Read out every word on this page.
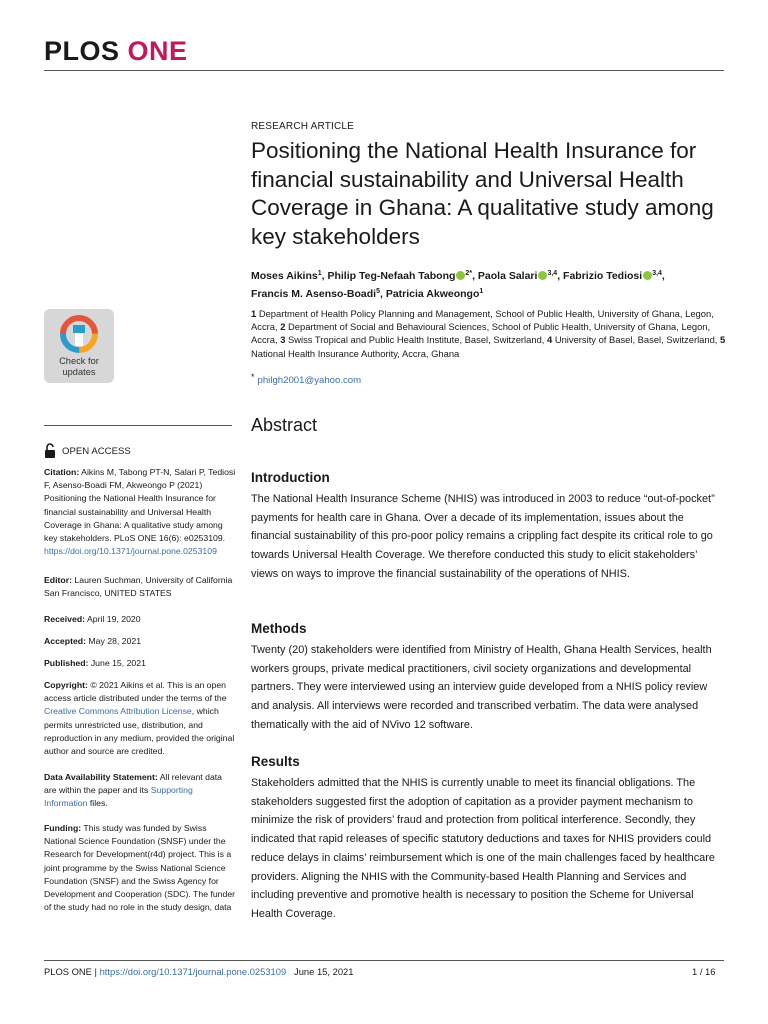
PLOS ONE
Check for
updates
RESEARCH ARTICLE
Positioning the National Health Insurance for financial sustainability and Universal Health Coverage in Ghana: A qualitative study among key stakeholders
Moses Aikins$^1$, Philip Teg-Nefaah Tabong $^{2*}$, Paola Salari $^{3,4}$, Fabrizio Tediosi $^{3,4}$,
Francis M. Asenso-Boadi$^5$, Patricia Akweongo$^1$
1 Department of Health Policy Planning and Management, School of Public Health, University of Ghana, Legon, Accra, 2 Department of Social and Behavioural Sciences, School of Public Health, University of Ghana, Legon, Accra, 3 Swiss Tropical and Public Health Institute, Basel, Switzerland, 4 University of Basel, Basel, Switzerland, 5 National Health Insurance Authority, Accra, Ghana
* philgh2001@yahoo.com
OPEN ACCESS
Citation: Aikins M, Tabong PT-N, Salari P, Tediosi F, Asenso-Boadi FM, Akweongo P (2021) Positioning the National Health Insurance for financial sustainability and Universal Health Coverage in Ghana: A qualitative study among key stakeholders. PLoS ONE 16(6): e0253109. https://doi.org/10.1371/journal.pone.0253109
Editor: Lauren Suchman, University of California San Francisco, UNITED STATES
Received: April 19, 2020
Accepted: May 28, 2021
Published: June 15, 2021
Copyright: © 2021 Aikins et al. This is an open access article distributed under the terms of the Creative Commons Attribution License, which permits unrestricted use, distribution, and reproduction in any medium, provided the original author and source are credited.
Data Availability Statement: All relevant data are within the paper and its Supporting Information files.
Funding: This study was funded by Swiss National Science Foundation (SNSF) under the Research for Development(r4d) project. This is a joint programme by the Swiss National Science Foundation (SNSF) and the Swiss Agency for Development and Cooperation (SDC). The funder of the study had no role in the study design, data
Abstract
Introduction
The National Health Insurance Scheme (NHIS) was introduced in 2003 to reduce “out-of-pocket” payments for health care in Ghana. Over a decade of its implementation, issues about the financial sustainability of this pro-poor policy remains a crippling fact despite its critical role to go towards Universal Health Coverage. We therefore conducted this study to elicit stakeholders’ views on ways to improve the financial sustainability of the operations of NHIS.
Methods
Twenty (20) stakeholders were identified from Ministry of Health, Ghana Health Services, health workers groups, private medical practitioners, civil society organizations and developmental partners. They were interviewed using an interview guide developed from a NHIS policy review and analysis. All interviews were recorded and transcribed verbatim. The data were analysed thematically with the aid of NVivo 12 software.
Results
Stakeholders admitted that the NHIS is currently unable to meet its financial obligations. The stakeholders suggested first the adoption of capitation as a provider payment mechanism to minimize the risk of providers’ fraud and protection from political interference. Secondly, they indicated that rapid releases of specific statutory deductions and taxes for NHIS providers could reduce delays in claims’ reimbursement which is one of the main challenges faced by healthcare providers. Aligning the NHIS with the Community-based Health Planning and Services and including preventive and promotive health is necessary to position the Scheme for Universal Health Coverage.
PLOS ONE | https://doi.org/10.1371/journal.pone.0253109 June 15, 2021	1 / 16
